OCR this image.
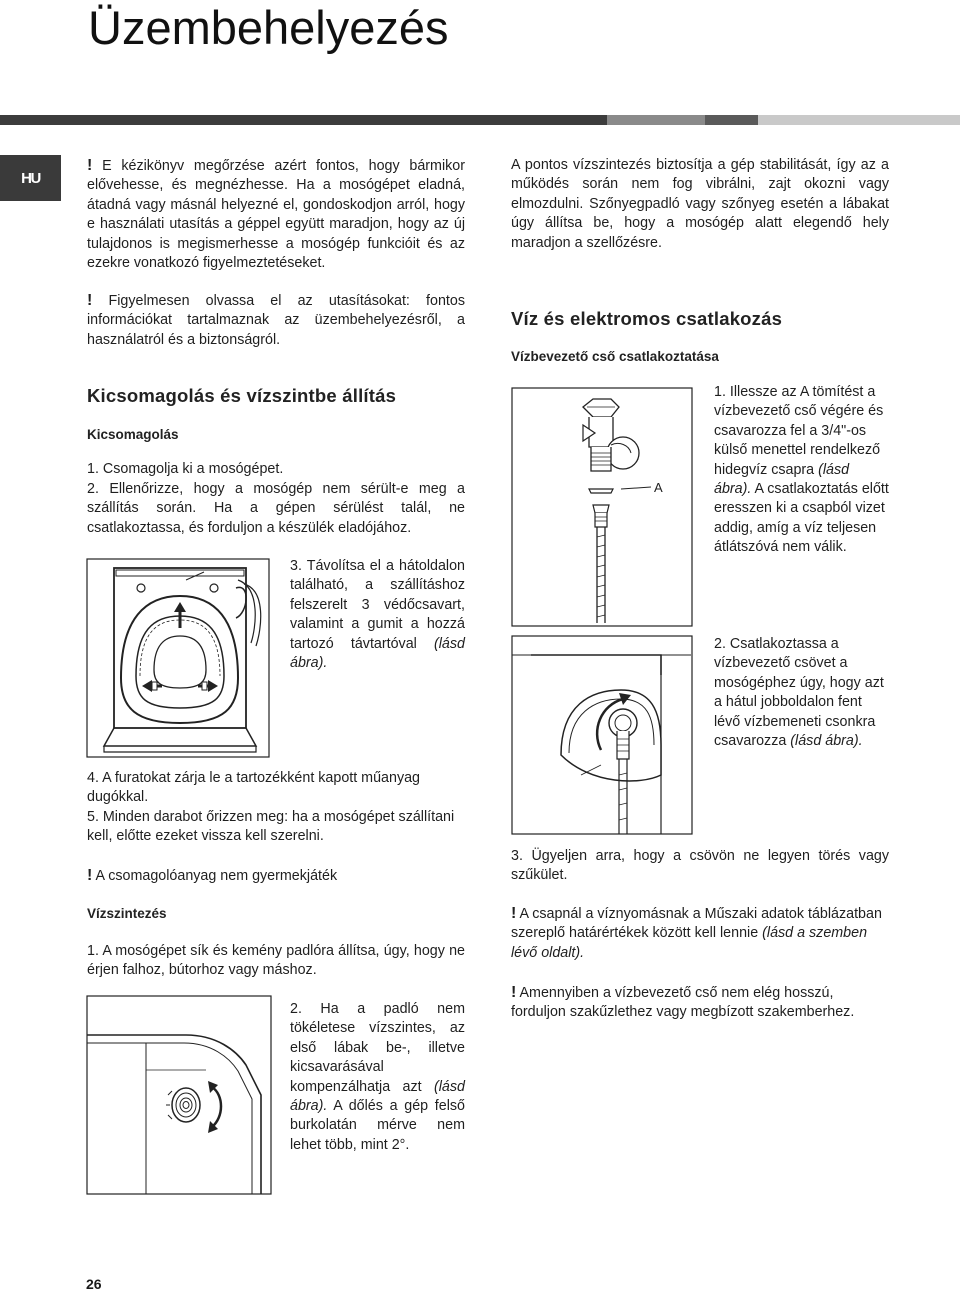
Üzembehelyezés
HU
! E kézikönyv megőrzése azért fontos, hogy bármikor elővehesse, és megnézhesse. Ha a mosógépet eladná, átadná vagy másnál helyezné el, gondoskodjon arról, hogy e használati utasítás a géppel együtt maradjon, hogy az új tulajdonos is megismerhesse a mosógép funkcióit és az ezekre vonatkozó figyelmeztetéseket.
! Figyelmesen olvassa el az utasításokat: fontos információkat tartalmaznak az üzembehelyezésről, a használatról és a biztonságról.
Kicsomagolás és vízszintbe állítás
Kicsomagolás
1. Csomagolja ki a mosógépet.
2. Ellenőrizze, hogy a mosógép nem sérült-e meg a szállítás során. Ha a gépen sérülést talál, ne csatlakoztassa, és forduljon a készülék eladójához.
3. Távolítsa el a hátoldalon található, a szállításhoz felszerelt 3 védőcsavart, valamint a gumit a hozzá tartozó távtartóval (lásd ábra).
4. A furatokat zárja le a tartozékként kapott műanyag dugókkal.
5. Minden darabot őrizzen meg: ha a mosógépet szállítani kell, előtte ezeket vissza kell szerelni.
! A csomagolóanyag nem gyermekjáték
Vízszintezés
1. A mosógépet sík és kemény padlóra állítsa, úgy, hogy ne érjen falhoz, bútorhoz vagy máshoz.
2. Ha a padló nem tökéletese vízszintes, az első lábak be-, illetve kicsavarásával kompenzálhatja azt (lásd ábra). A dőlés a gép felső burkolatán mérve nem lehet több, mint 2°.
A pontos vízszintezés biztosítja a gép stabilitását, így az a működés során nem fog vibrálni, zajt okozni vagy elmozdulni. Szőnyegpadló vagy szőnyeg esetén a lábakat úgy állítsa be, hogy a mosógép alatt elegendő hely maradjon a szellőzésre.
Víz és elektromos csatlakozás
Vízbevezető cső csatlakoztatása
A
1. Illessze az A tömítést a vízbevezető cső végére és csavarozza fel a 3/4"-os külső menettel rendelkező hidegvíz csapra (lásd ábra). A csatlakoztatás előtt eresszen ki a csapból vizet addig, amíg a víz teljesen átlátszóvá nem válik.
2. Csatlakoztassa a vízbevezető csövet a mosógéphez úgy, hogy azt a hátul jobboldalon fent lévő vízbemeneti csonkra csavarozza (lásd ábra).
3. Ügyeljen arra, hogy a csövön ne legyen törés vagy szűkület.
! A csapnál a víznyomásnak a Műszaki adatok táblázatban szereplő határértékek között kell lennie (lásd a szemben lévő oldalt).
! Amennyiben a vízbevezető cső nem elég hosszú, forduljon szakűzlethez vagy megbízott szakemberhez.
26
